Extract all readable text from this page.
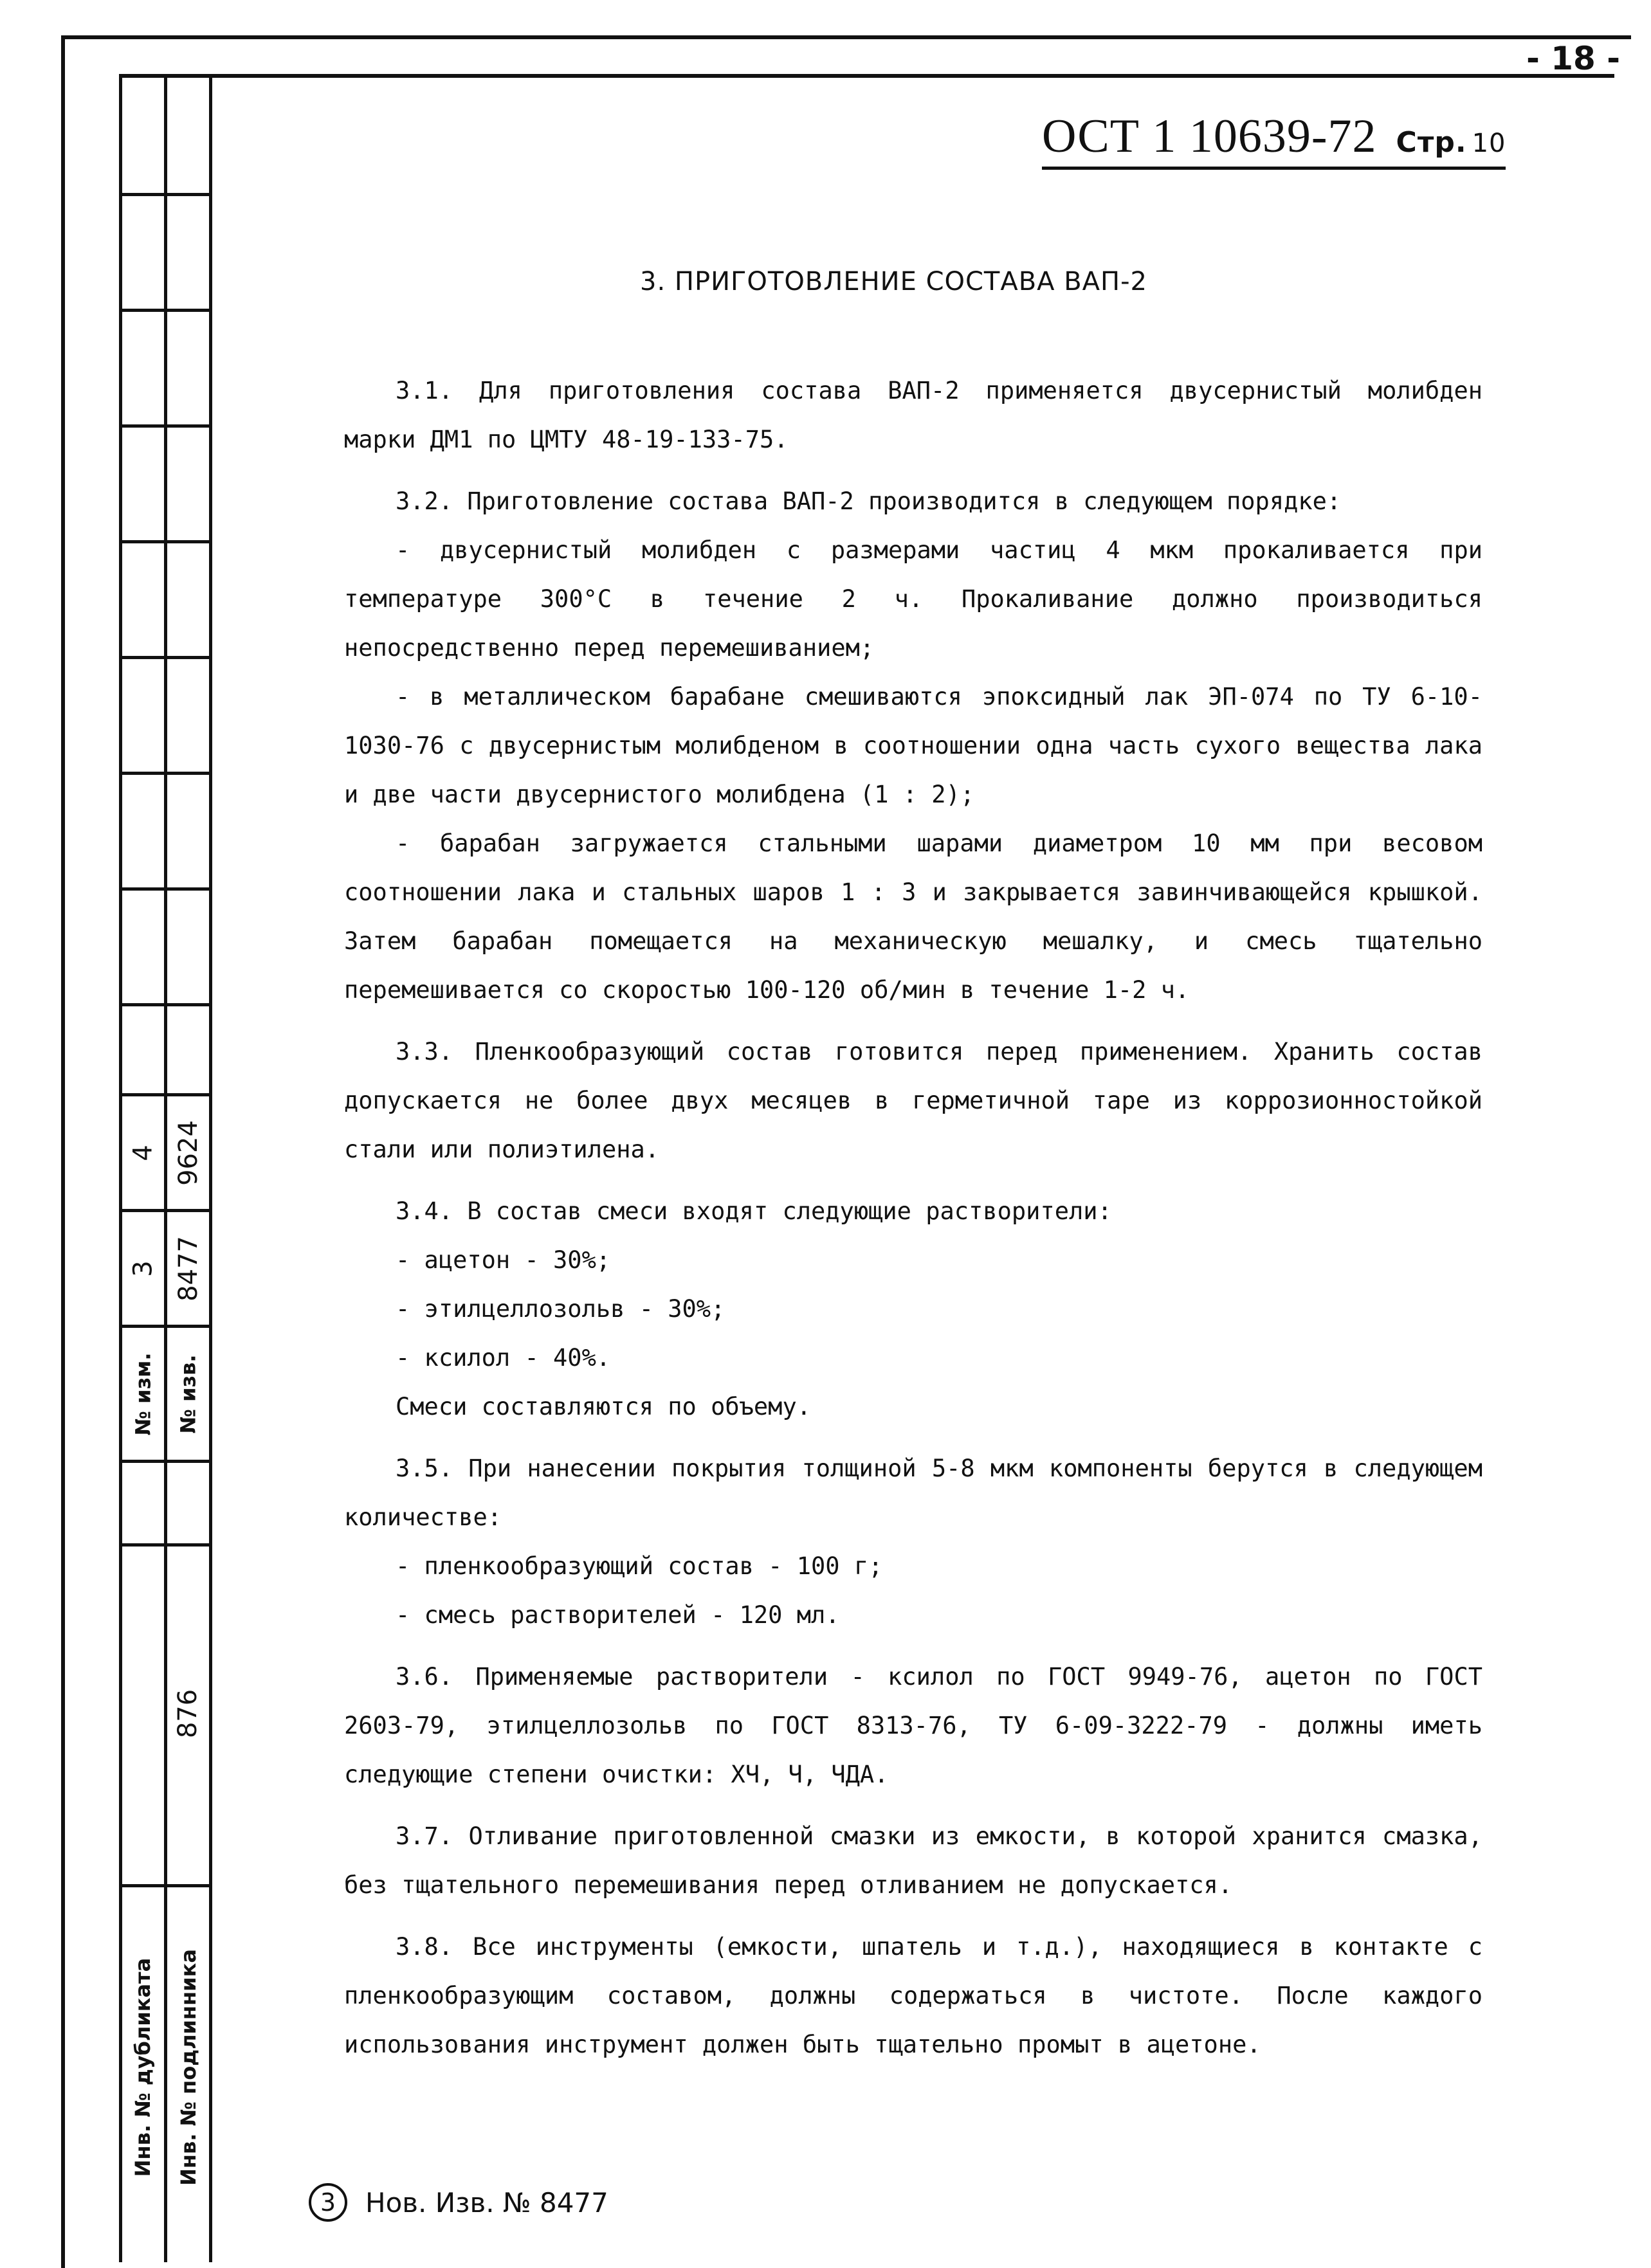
- 18 -
4 9624
3 8477
№ изм. № изв.
876
Инв. № дубликата Инв. № подлинника
ОСТ 1 10639-72 Стр. 10
3. ПРИГОТОВЛЕНИЕ СОСТАВА ВАП-2

3.1. Для приготовления состава ВАП-2 применяется двусернистый молибден марки ДМ1 по ЦМТУ 48-19-133-75.

3.2. Приготовление состава ВАП-2 производится в следующем порядке:

- двусернистый молибден с размерами частиц 4 мкм прокаливается при температуре 300°С в течение 2 ч. Прокаливание должно производиться непосредственно перед перемешиванием;

- в металлическом барабане смешиваются эпоксидный лак ЭП-074 по ТУ 6-10-1030-76 с двусернистым молибденом в соотношении одна часть сухого вещества лака и две части двусернистого молибдена (1 : 2);

- барабан загружается стальными шарами диаметром 10 мм при весовом соотношении лака и стальных шаров 1 : 3 и закрывается завинчивающейся крышкой. Затем барабан помещается на механическую мешалку, и смесь тщательно перемешивается со скоростью 100-120 об/мин в течение 1-2 ч.

3.3. Пленкообразующий состав готовится перед применением. Хранить состав допускается не более двух месяцев в герметичной таре из коррозионностойкой стали или полиэтилена.

3.4. В состав смеси входят следующие растворители:

- ацетон - 30%;

- этилцеллозольв - 30%;

- ксилол - 40%.

Смеси составляются по объему.

3.5. При нанесении покрытия толщиной 5-8 мкм компоненты берутся в следующем количестве:

- пленкообразующий состав - 100 г;

- смесь растворителей - 120 мл.

3.6. Применяемые растворители - ксилол по ГОСТ 9949-76, ацетон по ГОСТ 2603-79, этилцеллозольв по ГОСТ 8313-76, ТУ 6-09-3222-79 - должны иметь следующие степени очистки: ХЧ, Ч, ЧДА.

3.7. Отливание приготовленной смазки из емкости, в которой хранится смазка, без тщательного перемешивания перед отливанием не допускается.

3.8. Все инструменты (емкости, шпатель и т.д.), находящиеся в контакте с пленкообразующим составом, должны содержаться в чистоте. После каждого использования инструмент должен быть тщательно промыт в ацетоне.

3	Нов. Изв. № 8477
